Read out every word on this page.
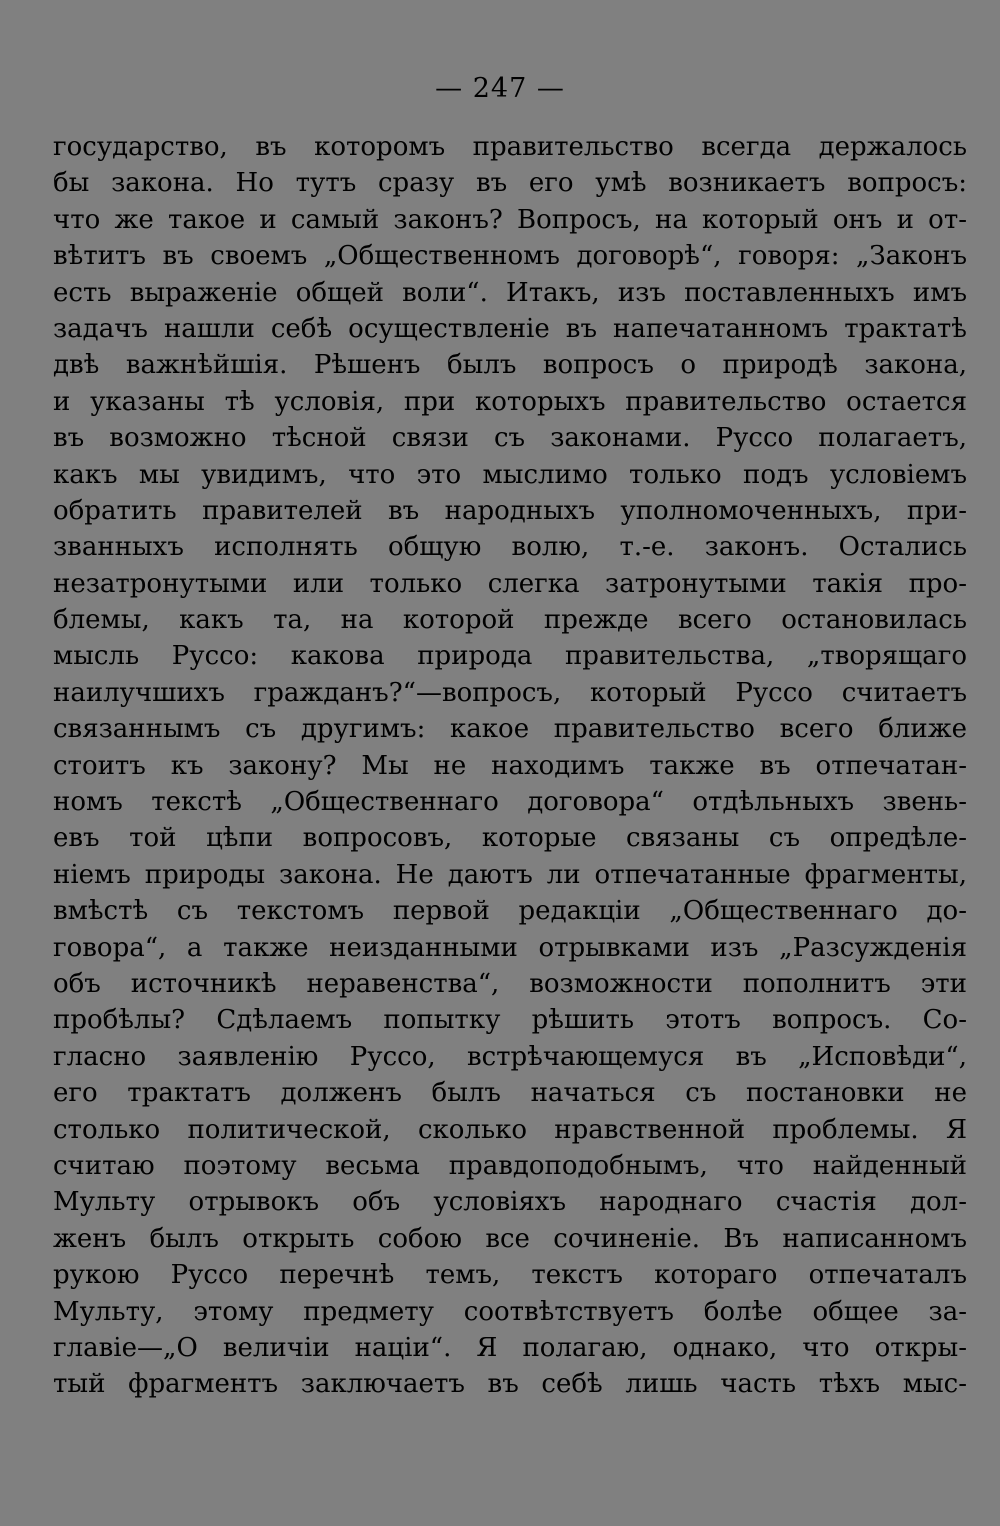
— 247 —
государство, въ которомъ правительство всегда держалось
бы закона. Но тутъ сразу въ его умѣ возникаетъ вопросъ:
что же такое и самый законъ? Вопросъ, на который онъ и от-
вѣтитъ въ своемъ „Общественномъ договорѣ“, говоря: „Законъ
есть выраженіе общей воли“. Итакъ, изъ поставленныхъ имъ
задачъ нашли себѣ осуществленіе въ напечатанномъ трактатѣ
двѣ важнѣйшія. Рѣшенъ былъ вопросъ о природѣ закона,
и указаны тѣ условія, при которыхъ правительство остается
въ возможно тѣсной связи съ законами. Руссо полагаетъ,
какъ мы увидимъ, что это мыслимо только подъ условіемъ
обратить правителей въ народныхъ уполномоченныхъ, при-
званныхъ исполнять общую волю, т.-е. законъ. Остались
незатронутыми или только слегка затронутыми такія про-
блемы, какъ та, на которой прежде всего остановилась
мысль Руссо: какова природа правительства, „творящаго
наилучшихъ гражданъ?“—вопросъ, который Руссо считаетъ
связаннымъ съ другимъ: какое правительство всего ближе
стоитъ къ закону? Мы не находимъ также въ отпечатан-
номъ текстѣ „Общественнаго договора“ отдѣльныхъ звень-
евъ той цѣпи вопросовъ, которые связаны съ опредѣле-
ніемъ природы закона. Не даютъ ли отпечатанные фрагменты,
вмѣстѣ съ текстомъ первой редакціи „Общественнаго до-
говора“, а также неизданными отрывками изъ „Разсужденія
объ источникѣ неравенства“, возможности пополнитъ эти
пробѣлы? Сдѣлаемъ попытку рѣшить этотъ вопросъ. Со-
гласно заявленію Руссо, встрѣчающемуся въ „Исповѣди“,
его трактатъ долженъ былъ начаться съ постановки не
столько политической, сколько нравственной проблемы. Я
считаю поэтому весьма правдоподобнымъ, что найденный
Мульту отрывокъ объ условіяхъ народнаго счастія дол-
женъ былъ открыть собою все сочиненіе. Въ написанномъ
рукою Руссо перечнѣ темъ, текстъ котораго отпечаталъ
Мульту, этому предмету соотвѣтствуетъ болѣе общее за-
главіе—„О величіи націи“. Я полагаю, однако, что откры-
тый фрагментъ заключаетъ въ себѣ лишь часть тѣхъ мыс-
